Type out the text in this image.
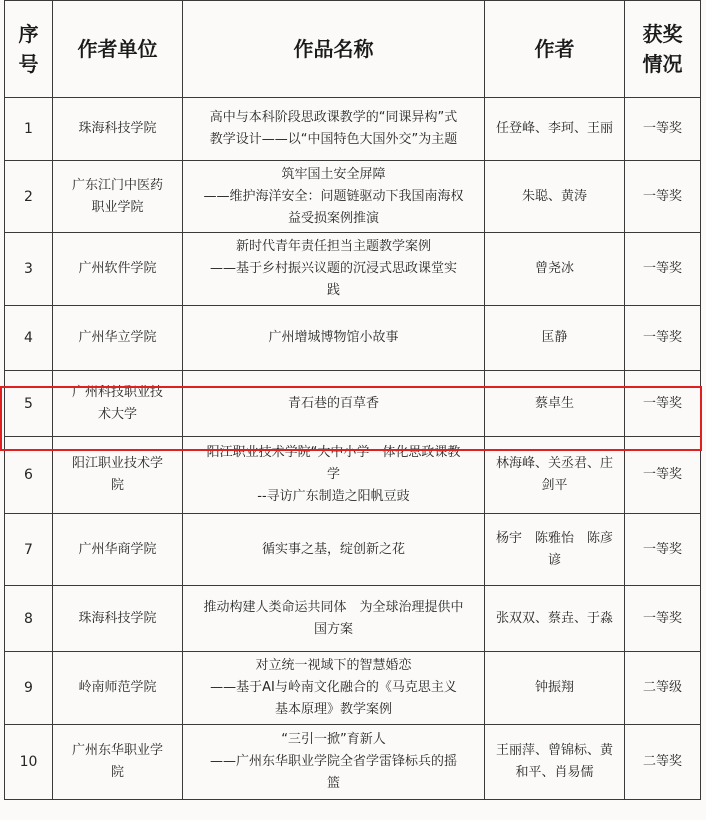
序
号	作者单位	作品名称	作者	获奖
情况

1	珠海科技学院	高中与本科阶段思政课教学的“同课异构”式
教学设计——以“中国特色大国外交”为主题	任登峰、李珂、王丽	一等奖
2	广东江门中医药
职业学院	筑牢国土安全屏障
——维护海洋安全：问题链驱动下我国南海权
益受损案例推演	朱聪、黄涛	一等奖
3	广州软件学院	新时代青年责任担当主题教学案例
——基于乡村振兴议题的沉浸式思政课堂实
践	曾尧冰	一等奖
4	广州华立学院	广州增城博物馆小故事	匡静	一等奖
5	广州科技职业技
术大学	青石巷的百草香	蔡卓生	一等奖
6	阳江职业技术学
院	阳江职业技术学院“大中小学一体化思政课教
学
--寻访广东制造之阳帆豆豉	林海峰、关丞君、庄
剑平	一等奖
7	广州华商学院	循实事之基，绽创新之花	杨宇　陈雅怡　陈彦
谚	一等奖
8	珠海科技学院	推动构建人类命运共同体　为全球治理提供中
国方案	张双双、蔡垚、于淼	一等奖
9	岭南师范学院	对立统一视域下的智慧婚恋
——基于AI与岭南文化融合的《马克思主义
基本原理》教学案例	钟振翔	二等级
10	广州东华职业学
院	“三引一掀”育新人
——广州东华职业学院全省学雷锋标兵的摇
篮	王丽萍、曾锦标、黄
和平、肖易儒	二等奖
